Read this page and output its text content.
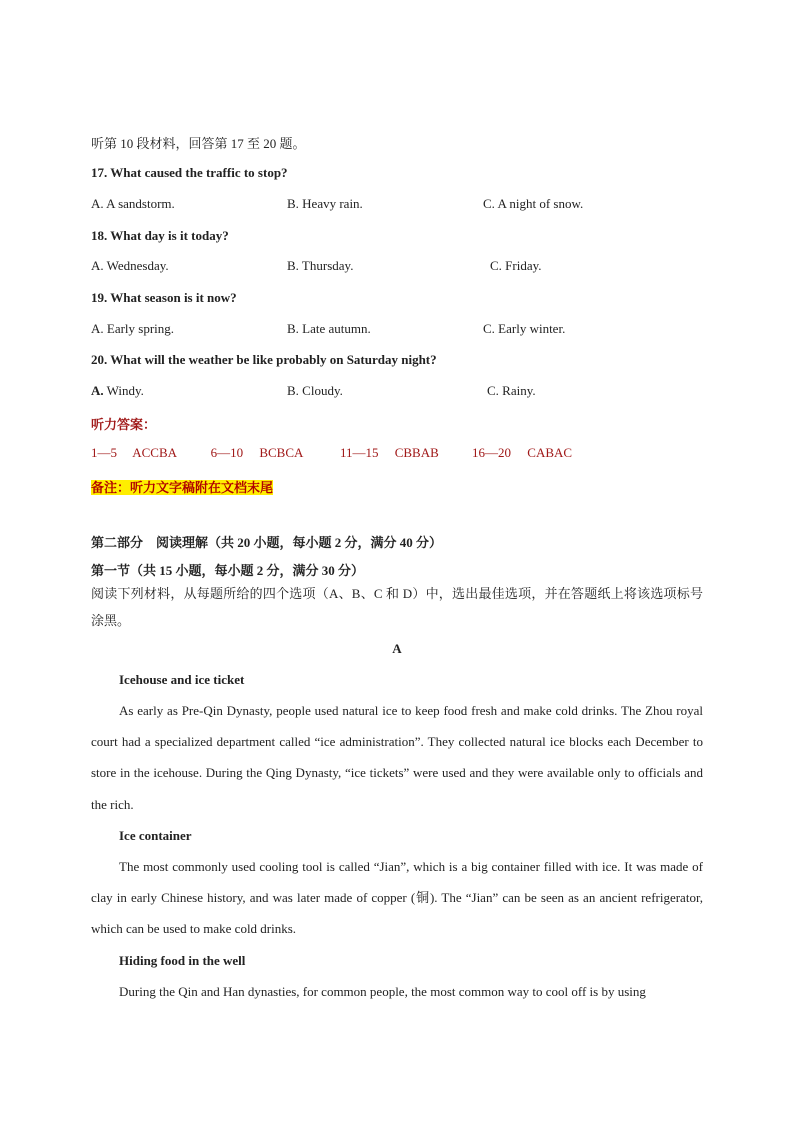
听第 10 段材料，回答第 17 至 20 题。
17. What caused the traffic to stop?
A. A sandstorm.	B. Heavy rain.	C. A night of snow.
18. What day is it today?
A. Wednesday.	B. Thursday.	C. Friday.
19. What season is it now?
A. Early spring.	B. Late autumn.	C. Early winter.
20. What will the weather be like probably on Saturday night?
A. Windy.	B. Cloudy.	C. Rainy.
听力答案：
1—5 ACCBA	6—10 BCBCA	11—15 CBBAB	16—20 CABAC
备注：听力文字稿附在文档末尾
第二部分　阅读理解（共 20 小题，每小题 2 分，满分 40 分）
第一节（共 15 小题，每小题 2 分，满分 30 分）
阅读下列材料，从每题所给的四个选项（A、B、C 和 D）中，选出最佳选项，并在答题纸上将该选项标号涂黑。
A
Icehouse and ice ticket
As early as Pre-Qin Dynasty, people used natural ice to keep food fresh and make cold drinks. The Zhou royal court had a specialized department called “ice administration”. They collected natural ice blocks each December to store in the icehouse. During the Qing Dynasty, “ice tickets” were used and they were available only to officials and the rich.
Ice container
The most commonly used cooling tool is called “Jian”, which is a big container filled with ice. It was made of clay in early Chinese history, and was later made of copper (铜). The “Jian” can be seen as an ancient refrigerator, which can be used to make cold drinks.
Hiding food in the well
During the Qin and Han dynasties, for common people, the most common way to cool off is by using
